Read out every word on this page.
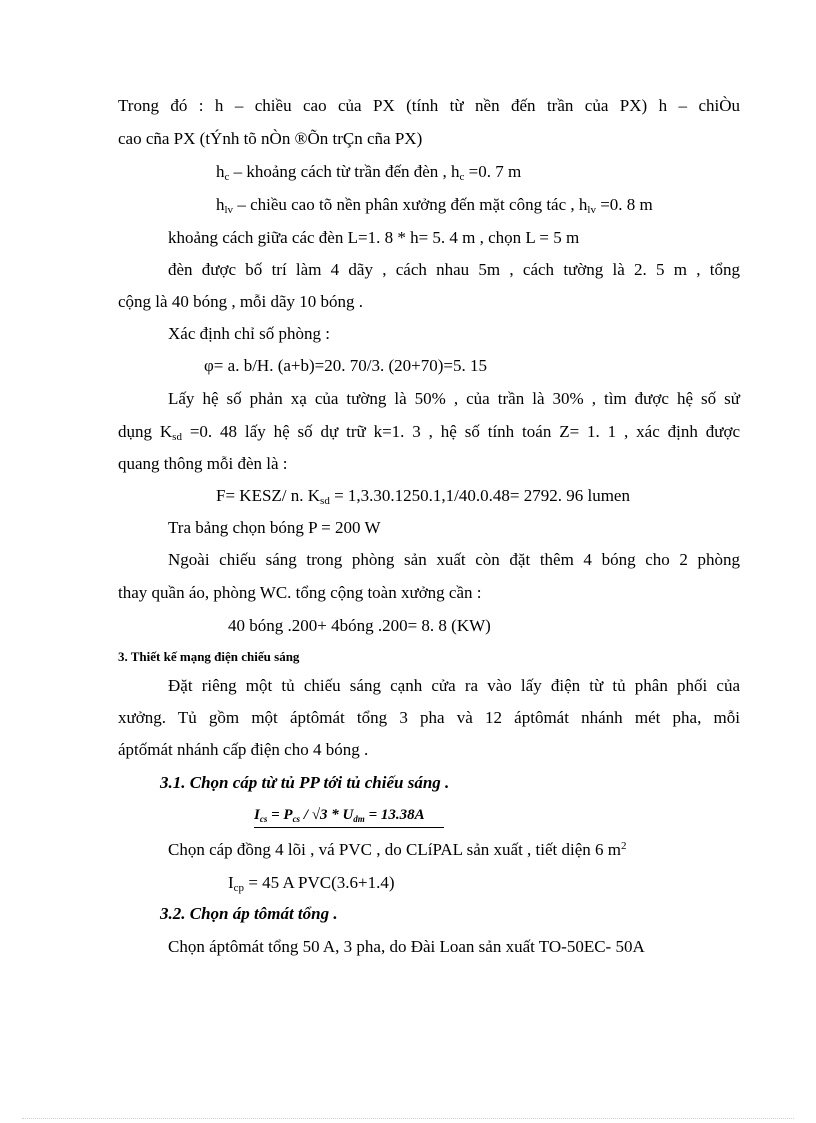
Trong đó : h – chiều cao của PX (tính từ nền đến trần của PX) h – chiÒu
cao cña PX (tÝnh tõ nÒn ®Õn trÇn cña PX)
$h_c$ – khoảng cách từ trần đến đèn , $h_c =0$. 7 m
$h_{lv}$ – chiều cao tõ nền phân xưởng đến mặt công tác , $h_{lv} =0$. 8 m
khoảng cách giữa các đèn L=1. 8 * h= 5. 4 m , chọn L = 5 m
đèn được bố trí làm 4 dãy , cách nhau 5m , cách tường là 2. 5 m , tổng
cộng là 40 bóng , mỗi dãy 10 bóng .
Xác định chỉ số phòng :
φ= a. b/H. (a+b)=20. 70/3. (20+70)=5. 15
Lấy hệ số phản xạ của tường là 50% , của trần là 30% , tìm được hệ số sử
dụng $K_{sd} =0$. 48 lấy hệ số dự trữ k=1. 3 , hệ số tính toán Z= 1. 1 , xác định được
quang thông mỗi đèn là :
F= KESZ/ n. $K_{sd} = 1,3.30.1250.1,1/40.0.48= 2792$. 96 lumen
Tra bảng chọn bóng P = 200 W
Ngoài chiếu sáng trong phòng sản xuất còn đặt thêm 4 bóng cho 2 phòng
thay quần áo, phòng WC. tổng cộng toàn xưởng cần :
40 bóng .200+ 4bóng .200= 8. 8 (KW)
3. Thiết kế mạng điện chiếu sáng
Đặt riêng một tủ chiếu sáng cạnh cửa ra vào lấy điện từ tủ phân phối của
xưởng. Tủ gồm một áptômát tổng 3 pha và 12 áptômát nhánh mét pha, mỗi
áptốmát nhánh cấp điện cho 4 bóng .
3.1. Chọn cáp từ tủ PP tới tủ chiếu sáng .
$I_{cs} = P_{cs} / √3 * U_{dm} = 13.38A$
Chọn cáp đồng 4 lõi , vá PVC , do CLíPAL sản xuất , tiết diện 6 $m^2$
$I_{cp} = 45$ A PVC(3.6+1.4)
3.2. Chọn áp tômát tổng .
Chọn áptômát tổng 50 A, 3 pha, do Đài Loan sản xuất TO-50EC- 50A
